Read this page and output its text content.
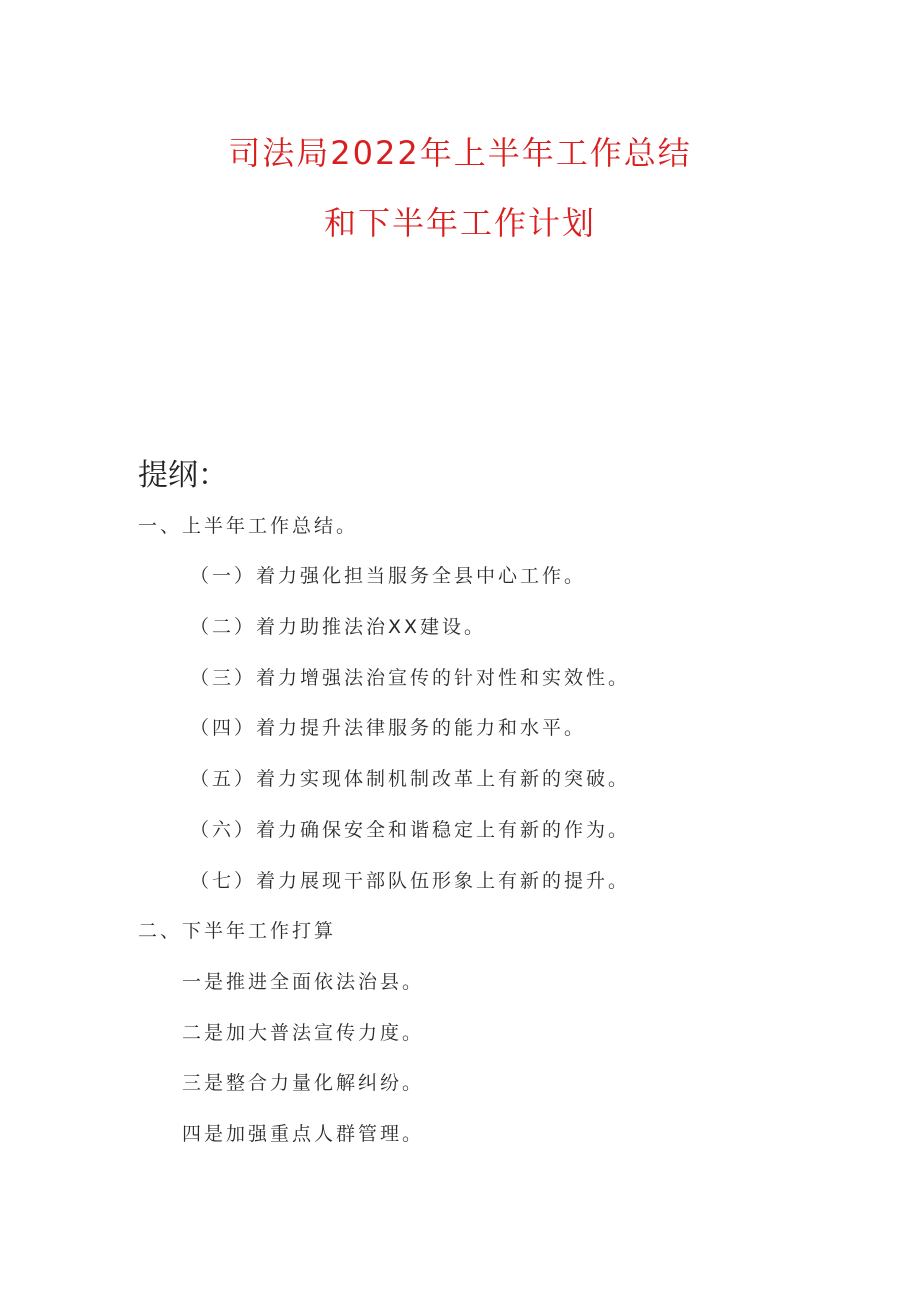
司法局2022年上半年工作总结
和下半年工作计划
提纲：
一、上半年工作总结。
（一）着力强化担当服务全县中心工作。
（二）着力助推法治XX建设。
（三）着力增强法治宣传的针对性和实效性。
（四）着力提升法律服务的能力和水平。
（五）着力实现体制机制改革上有新的突破。
（六）着力确保安全和谐稳定上有新的作为。
（七）着力展现干部队伍形象上有新的提升。
二、下半年工作打算
一是推进全面依法治县。
二是加大普法宣传力度。
三是整合力量化解纠纷。
四是加强重点人群管理。
